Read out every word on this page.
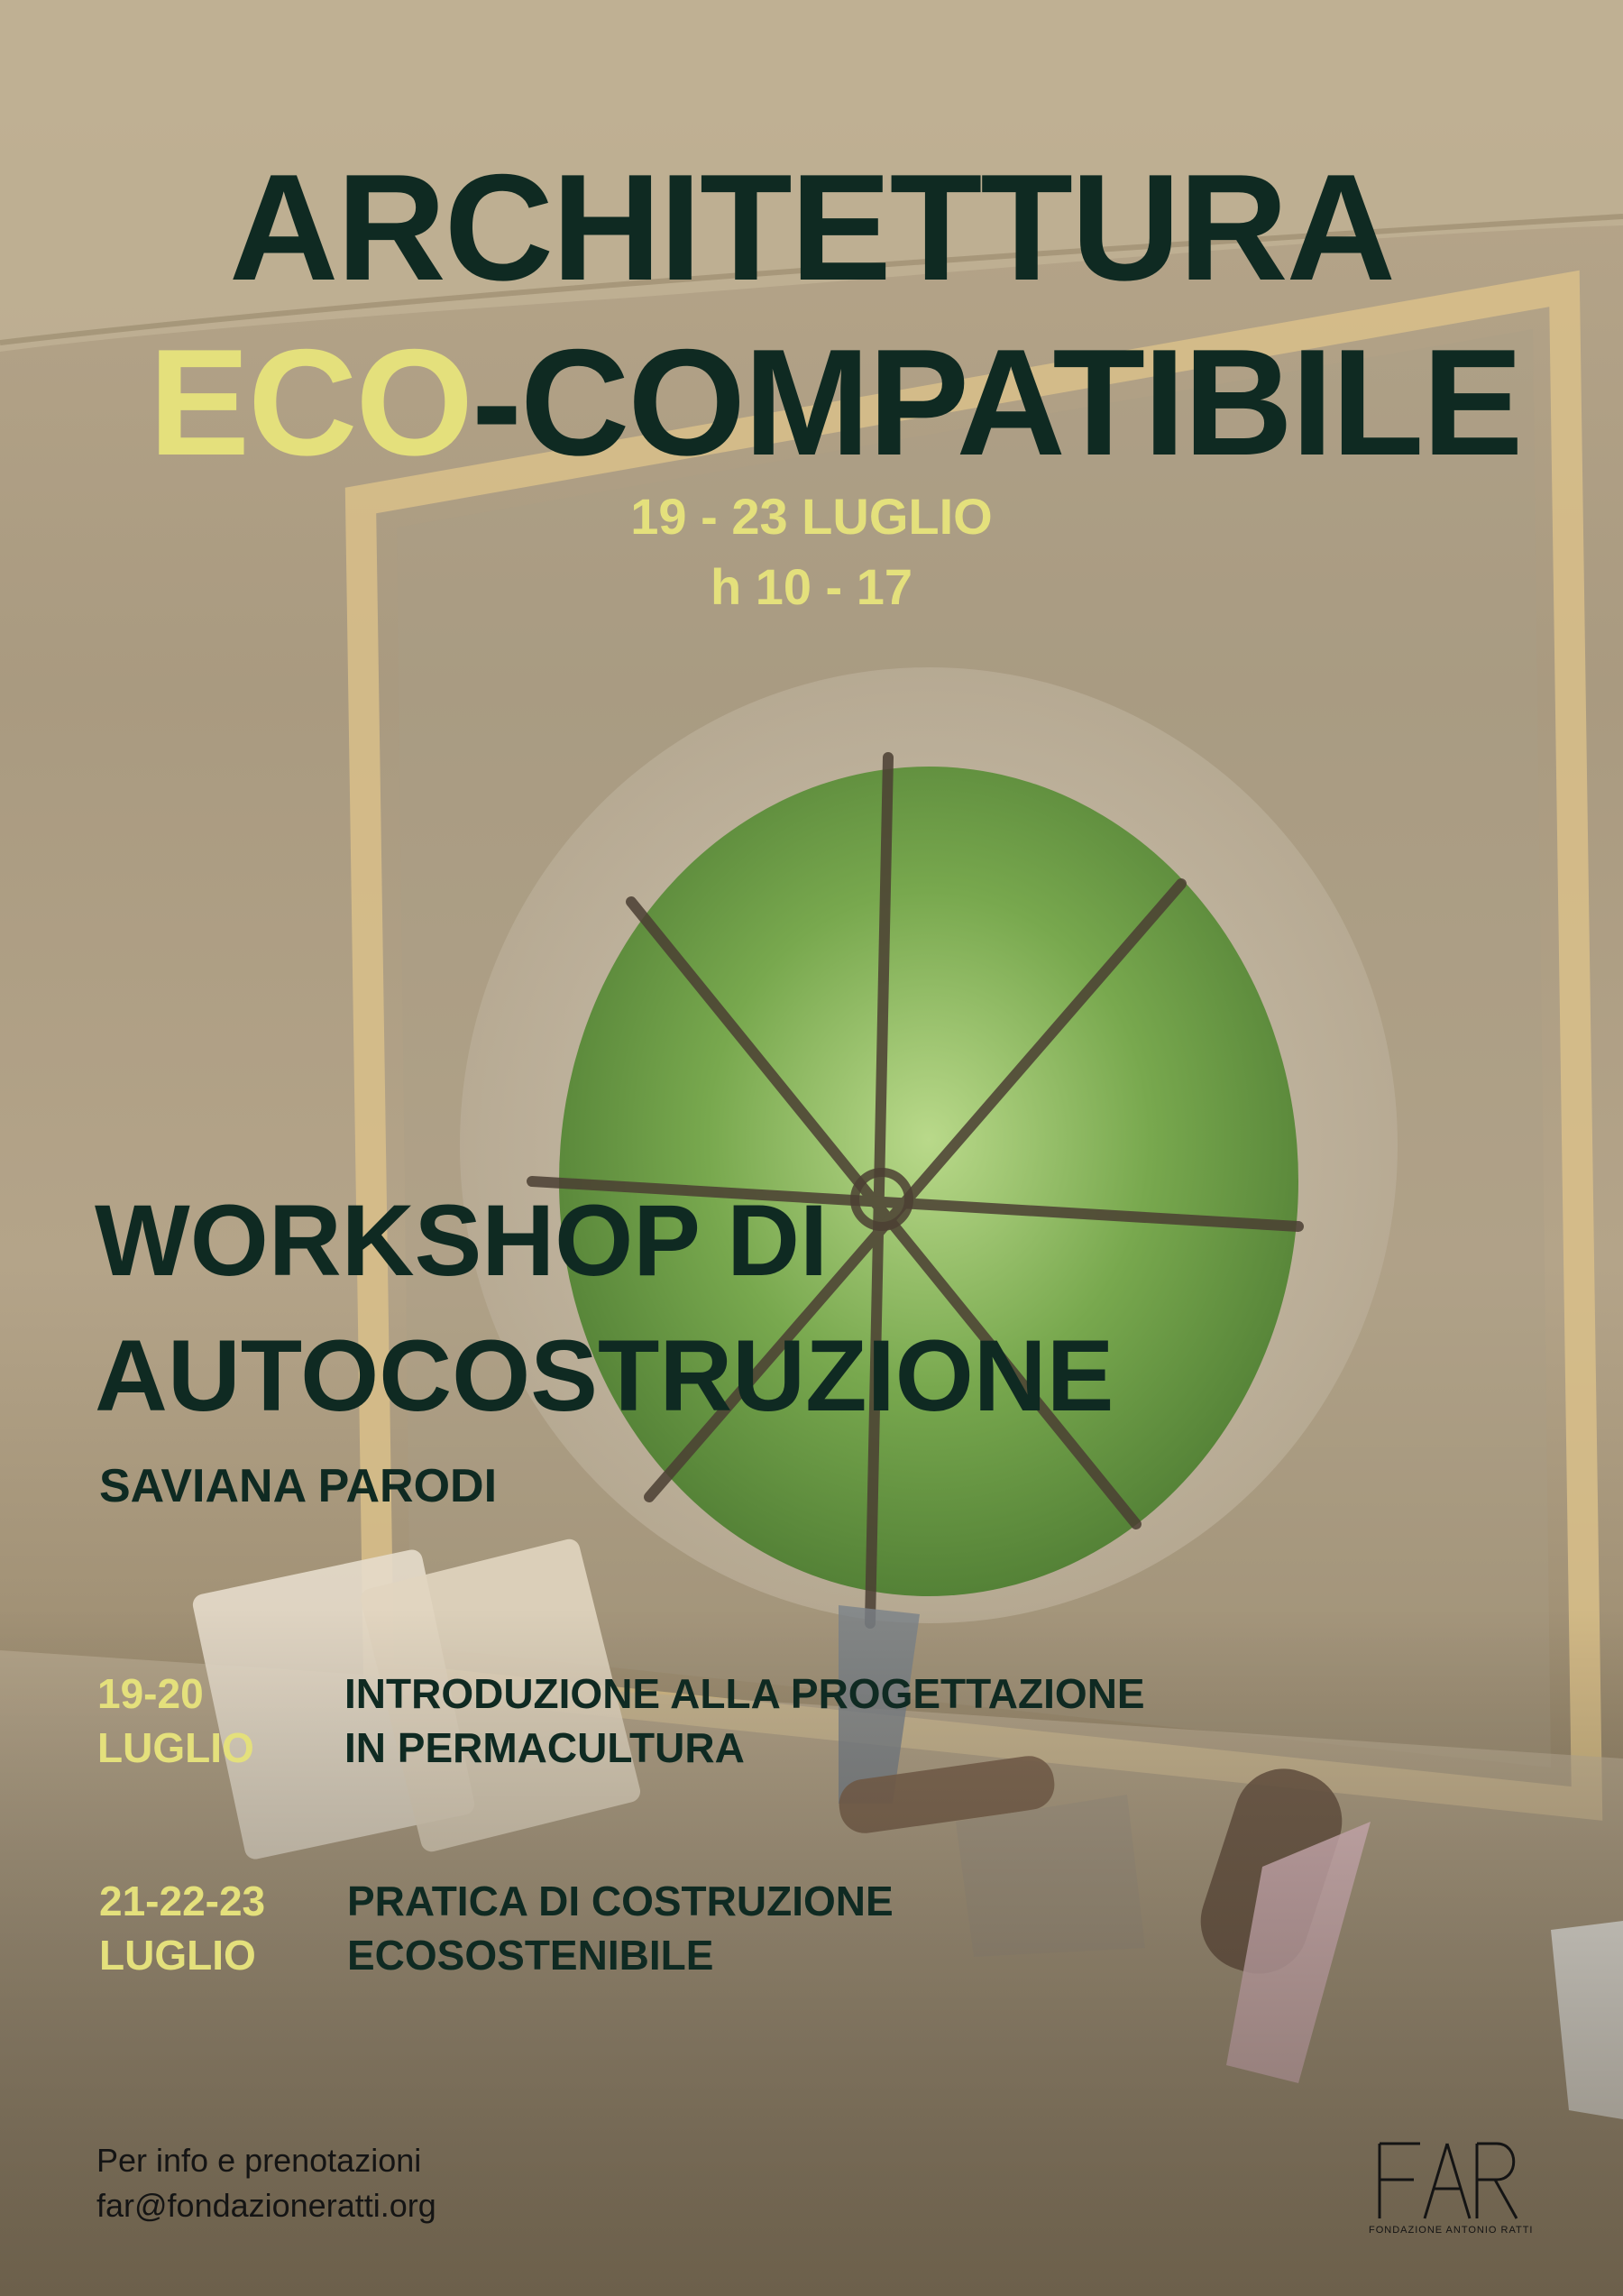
ARCHITETTURA
ECO-COMPATIBILE
19 - 23 LUGLIO
h 10 - 17
WORKSHOP DI
AUTOCOSTRUZIONE
SAVIANA PARODI
19-20
LUGLIO
INTRODUZIONE ALLA PROGETTAZIONE
IN PERMACULTURA
21-22-23
LUGLIO
PRATICA DI COSTRUZIONE
ECOSOSTENIBILE
Per info e prenotazioni
far@fondazioneratti.org
FONDAZIONE ANTONIO RATTI
